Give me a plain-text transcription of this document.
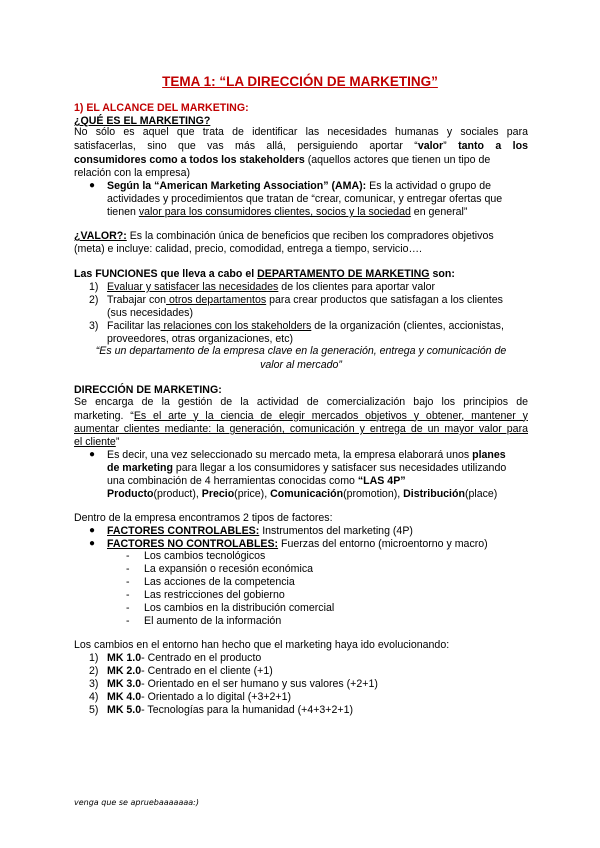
TEMA 1: “LA DIRECCIÓN DE MARKETING”
1) EL ALCANCE DEL MARKETING:
¿QUÉ ES EL MARKETING?
No sólo es aquel que trata de identificar las necesidades humanas y sociales para
satisfacerlas, sino que vas más allá, persiguiendo aportar “valor” tanto a los
consumidores como a todos los stakeholders (aquellos actores que tienen un tipo de
relación con la empresa)
● Según la “American Marketing Association” (AMA): Es la actividad o grupo de
actividades y procedimientos que tratan de “crear, comunicar, y entregar ofertas que
tienen valor para los consumidores clientes, socios y la sociedad en general”
¿VALOR?: Es la combinación única de beneficios que reciben los compradores objetivos
(meta) e incluye: calidad, precio, comodidad, entrega a tiempo, servicio….
Las FUNCIONES que lleva a cabo el DEPARTAMENTO DE MARKETING son:
1) Evaluar y satisfacer las necesidades de los clientes para aportar valor
2) Trabajar con otros departamentos para crear productos que satisfagan a los clientes
(sus necesidades)
3) Facilitar las relaciones con los stakeholders de la organización (clientes, accionistas,
proveedores, otras organizaciones, etc)
“Es un departamento de la empresa clave en la generación, entrega y comunicación de
valor al mercado”
DIRECCIÓN DE MARKETING:
Se encarga de la gestión de la actividad de comercialización bajo los principios de
marketing. “Es el arte y la ciencia de elegir mercados objetivos y obtener, mantener y
aumentar clientes mediante: la generación, comunicación y entrega de un mayor valor para
el cliente”
● Es decir, una vez seleccionado su mercado meta, la empresa elaborará unos planes
de marketing para llegar a los consumidores y satisfacer sus necesidades utilizando
una combinación de 4 herramientas conocidas como “LAS 4P”
Producto(product), Precio(price), Comunicación(promotion), Distribución(place)
Dentro de la empresa encontramos 2 tipos de factores:
● FACTORES CONTROLABLES: Instrumentos del marketing (4P)
● FACTORES NO CONTROLABLES: Fuerzas del entorno (microentorno y macro)
- Los cambios tecnológicos
- La expansión o recesión económica
- Las acciones de la competencia
- Las restricciones del gobierno
- Los cambios en la distribución comercial
- El aumento de la información
Los cambios en el entorno han hecho que el marketing haya ido evolucionando:
1) MK 1.0- Centrado en el producto
2) MK 2.0- Centrado en el cliente (+1)
3) MK 3.0- Orientado en el ser humano y sus valores (+2+1)
4) MK 4.0- Orientado a lo digital (+3+2+1)
5) MK 5.0- Tecnologías para la humanidad (+4+3+2+1)
venga que se apruebaaaaaaa:)
